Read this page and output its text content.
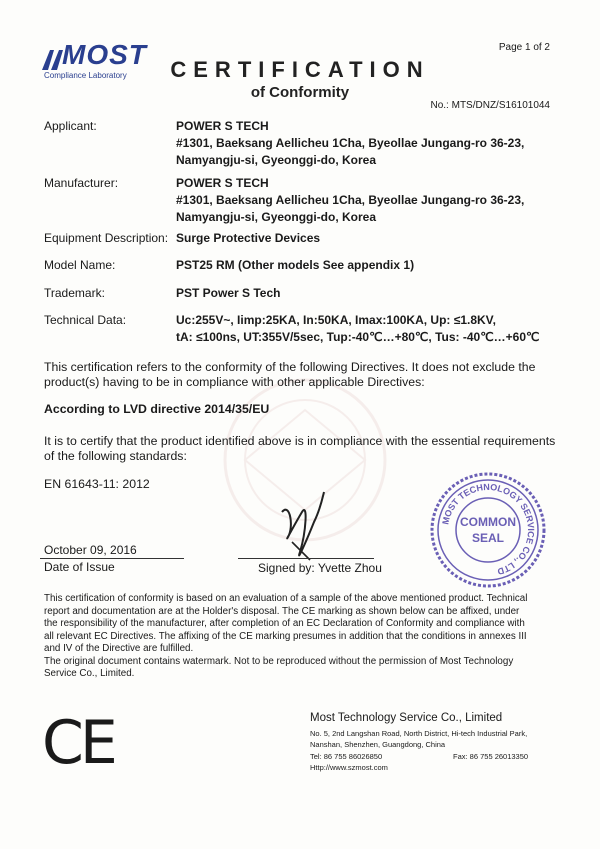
MOST
Compliance Laboratory
Page 1 of 2
CERTIFICATION
of Conformity
No.: MTS/DNZ/S16101044
Applicant:	POWER S TECH
#1301, Baeksang Aellicheu 1Cha, Byeollae Jungang-ro 36-23,
Namyangju-si, Gyeonggi-do, Korea
Manufacturer:	POWER S TECH
#1301, Baeksang Aellicheu 1Cha, Byeollae Jungang-ro 36-23,
Namyangju-si, Gyeonggi-do, Korea
Equipment Description: Surge Protective Devices
Model Name:	PST25 RM (Other models See appendix 1)
Trademark:	PST Power S Tech
Technical Data:	Uc:255V~, Iimp:25KA, In:50KA, Imax:100KA, Up: ≤1.8KV,
tA: ≤100ns, UT:355V/5sec, Tup:-40℃…+80℃, Tus: -40℃…+60℃
This certification refers to the conformity of the following Directives. It does not exclude the
product(s) having to be in compliance with other applicable Directives:
According to LVD directive 2014/35/EU
It is to certify that the product identified above is in compliance with the essential requirements
of the following standards:
EN 61643-11: 2012
October 09, 2016
Date of Issue	Signed by: Yvette Zhou
MOST TECHNOLOGY SERVICE CO., LTD
COMMON
SEAL
This certification of conformity is based on an evaluation of a sample of the above mentioned product. Technical
report and documentation are at the Holder's disposal. The CE marking as shown below can be affixed, under
the responsibility of the manufacturer, after completion of an EC Declaration of Conformity and compliance with
all relevant EC Directives. The affixing of the CE marking presumes in addition that the conditions in annexes III
and IV of the Directive are fulfilled.
The original document contains watermark. Not to be reproduced without the permission of Most Technology
Service Co., Limited.
CE	Most Technology Service Co., Limited
No. 5, 2nd Langshan Road, North District, Hi-tech Industrial Park,
Nanshan, Shenzhen, Guangdong, China
Tel: 86 755 86026850	Fax: 86 755 26013350
Http://www.szmost.com
